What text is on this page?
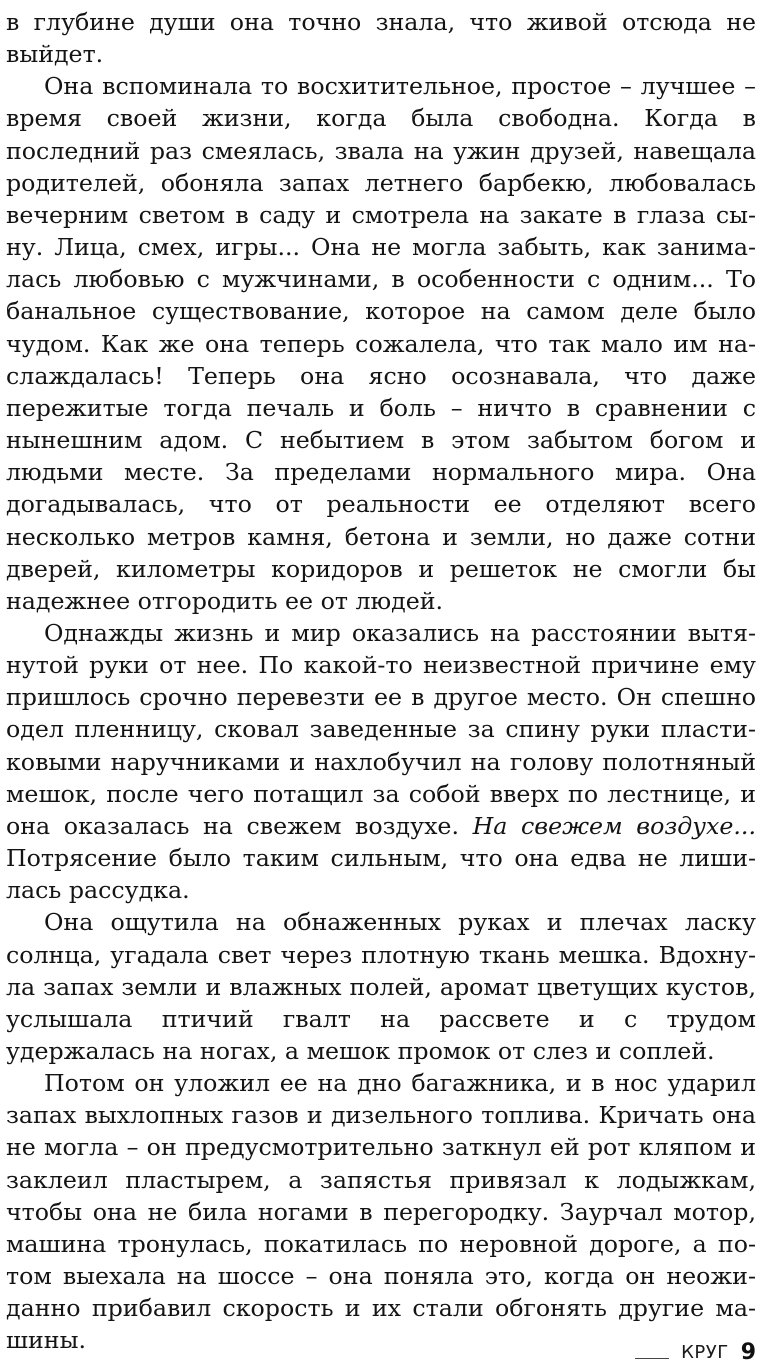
в глубине души она точно знала, что живой отсюда не выйдет.

Она вспоминала то восхитительное, простое – лучшее – время своей жизни, когда была свободна. Когда в последний раз смеялась, звала на ужин друзей, навещала родителей, обоняла запах летнего барбекю, любовалась вечерним светом в саду и смотрела на закате в глаза сыну. Лица, смех, игры... Она не могла забыть, как занималась любовью с мужчинами, в особенности с одним... То банальное существование, которое на самом деле было чудом. Как же она теперь сожалела, что так мало им наслаждалась! Теперь она ясно осознавала, что даже пережитые тогда печаль и боль – ничто в сравнении с нынешним адом. С небытием в этом забытом богом и людьми месте. За пределами нормального мира. Она догадывалась, что от реальности ее отделяют всего несколько метров камня, бетона и земли, но даже сотни дверей, километры коридоров и решеток не смогли бы надежнее отгородить ее от людей.

Однажды жизнь и мир оказались на расстоянии вытянутой руки от нее. По какой-то неизвестной причине ему пришлось срочно перевезти ее в другое место. Он спешно одел пленницу, сковал заведенные за спину руки пластиковыми наручниками и нахлобучил на голову полотняный мешок, после чего потащил за собой вверх по лестнице, и она оказалась на свежем воздухе. На свежем воздухе... Потрясение было таким сильным, что она едва не лишилась рассудка.

Она ощутила на обнаженных руках и плечах ласку солнца, угадала свет через плотную ткань мешка. Вдохнула запах земли и влажных полей, аромат цветущих кустов, услышала птичий гвалт на рассвете и с трудом удержалась на ногах, а мешок промок от слез и соплей.

Потом он уложил ее на дно багажника, и в нос ударил запах выхлопных газов и дизельного топлива. Кричать она не могла – он предусмотрительно заткнул ей рот кляпом и заклеил пластырем, а запястья привязал к лодыжкам, чтобы она не била ногами в перегородку. Заурчал мотор, машина тронулась, покатилась по неровной дороге, а потом выехала на шоссе – она поняла это, когда он неожиданно прибавил скорость и их стали обгонять другие машины.	КРУГ 9
